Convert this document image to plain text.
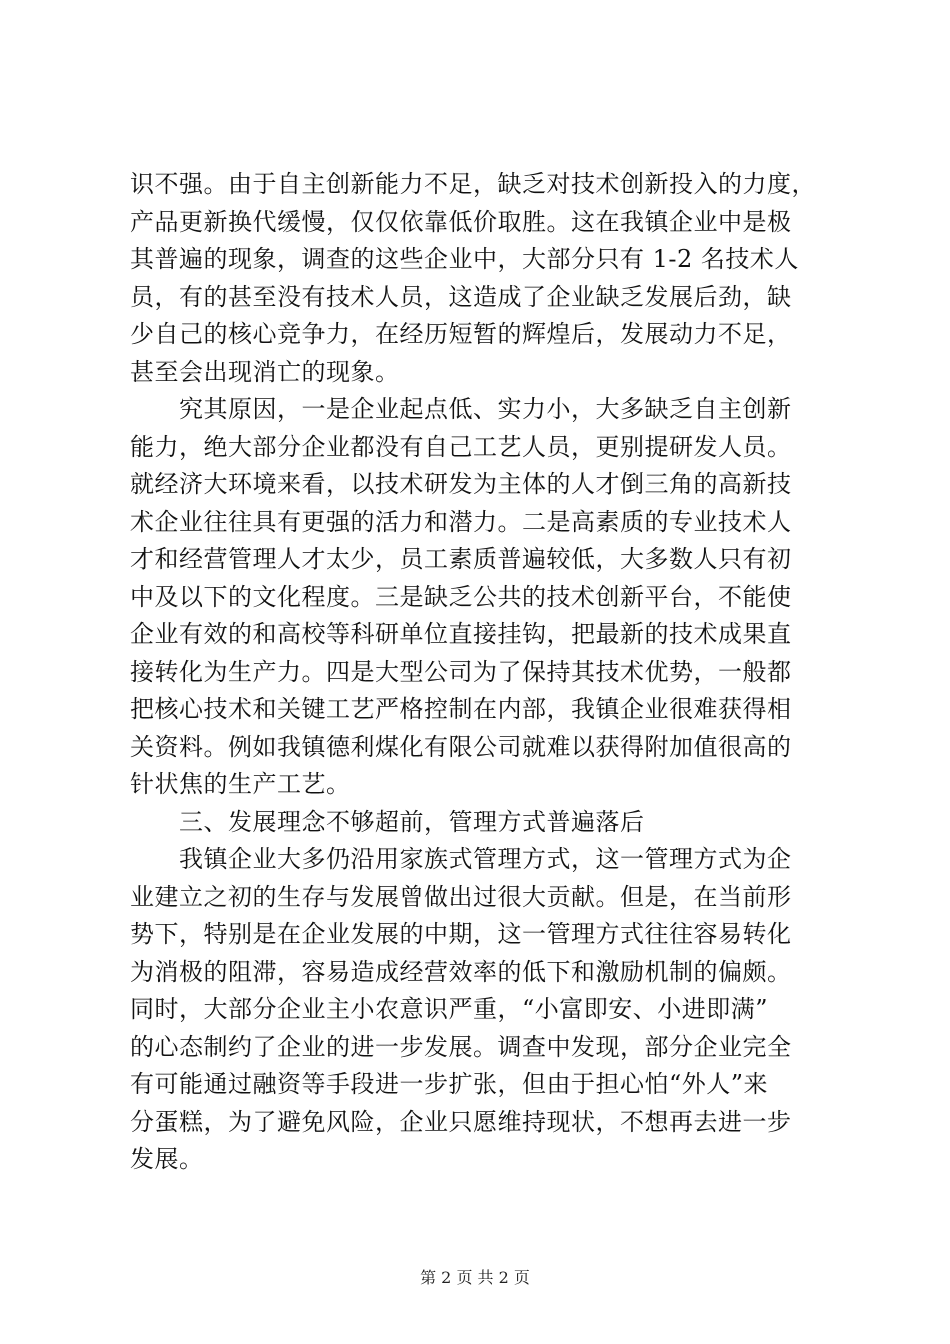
识不强。由于自主创新能力不足，缺乏对技术创新投入的力度，
产品更新换代缓慢，仅仅依靠低价取胜。这在我镇企业中是极
其普遍的现象，调查的这些企业中，大部分只有 1-2 名技术人
员，有的甚至没有技术人员，这造成了企业缺乏发展后劲，缺
少自己的核心竞争力，在经历短暂的辉煌后，发展动力不足，
甚至会出现消亡的现象。
　　究其原因，一是企业起点低、实力小，大多缺乏自主创新
能力，绝大部分企业都没有自己工艺人员，更别提研发人员。
就经济大环境来看，以技术研发为主体的人才倒三角的高新技
术企业往往具有更强的活力和潜力。二是高素质的专业技术人
才和经营管理人才太少，员工素质普遍较低，大多数人只有初
中及以下的文化程度。三是缺乏公共的技术创新平台，不能使
企业有效的和高校等科研单位直接挂钩，把最新的技术成果直
接转化为生产力。四是大型公司为了保持其技术优势，一般都
把核心技术和关键工艺严格控制在内部，我镇企业很难获得相
关资料。例如我镇德利煤化有限公司就难以获得附加值很高的
针状焦的生产工艺。
　　三、发展理念不够超前，管理方式普遍落后
　　我镇企业大多仍沿用家族式管理方式，这一管理方式为企
业建立之初的生存与发展曾做出过很大贡献。但是，在当前形
势下，特别是在企业发展的中期，这一管理方式往往容易转化
为消极的阻滞，容易造成经营效率的低下和激励机制的偏颇。
同时，大部分企业主小农意识严重，“小富即安、小进即满”
的心态制约了企业的进一步发展。调查中发现，部分企业完全
有可能通过融资等手段进一步扩张，但由于担心怕“外人”来
分蛋糕，为了避免风险，企业只愿维持现状，不想再去进一步
发展。
第 2 页 共 2 页
